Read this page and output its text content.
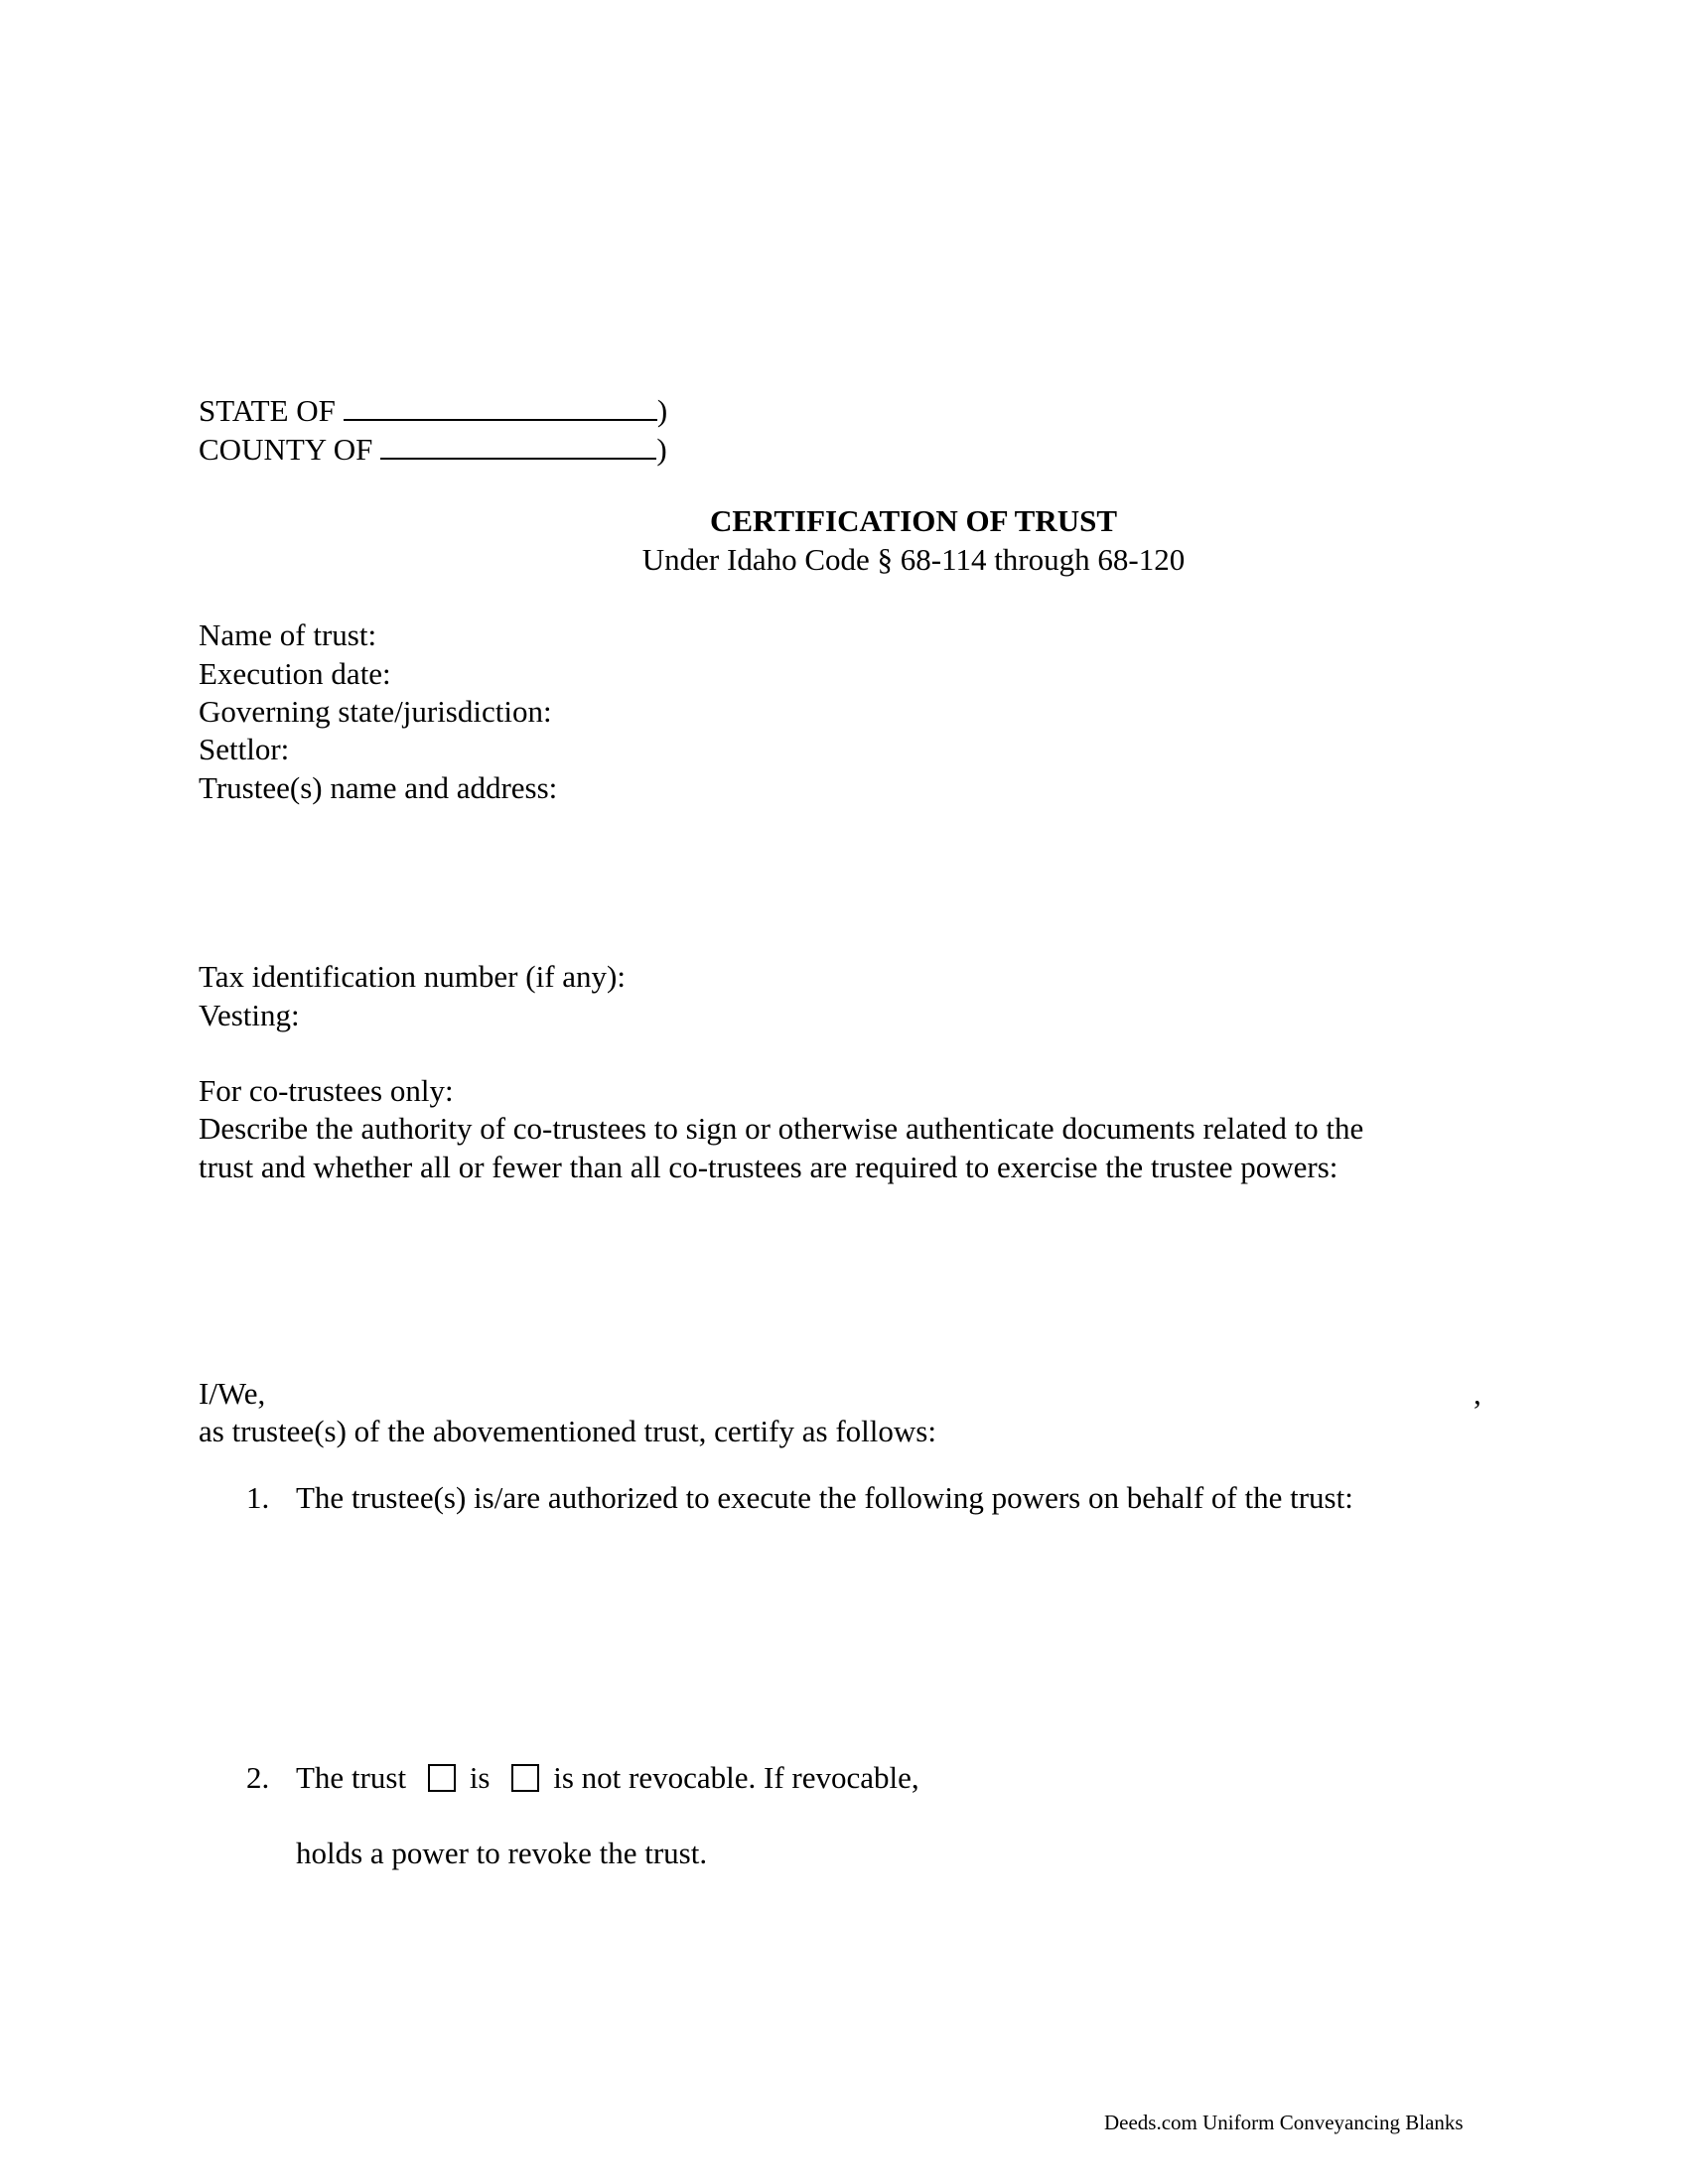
STATE OF	)
COUNTY OF	)
CERTIFICATION OF TRUST
Under Idaho Code § 68-114 through 68-120
Name of trust:
Execution date:
Governing state/jurisdiction:
Settlor:
Trustee(s) name and address:
Tax identification number (if any):
Vesting:
For co-trustees only:
Describe the authority of co-trustees to sign or otherwise authenticate documents related to the
trust and whether all or fewer than all co-trustees are required to exercise the trustee powers:
I/We,	,
as trustee(s) of the abovementioned trust, certify as follows:
1. The trustee(s) is/are authorized to execute the following powers on behalf of the trust:
2. The trust is is not revocable. If revocable,
holds a power to revoke the trust.
Deeds.com Uniform Conveyancing Blanks
